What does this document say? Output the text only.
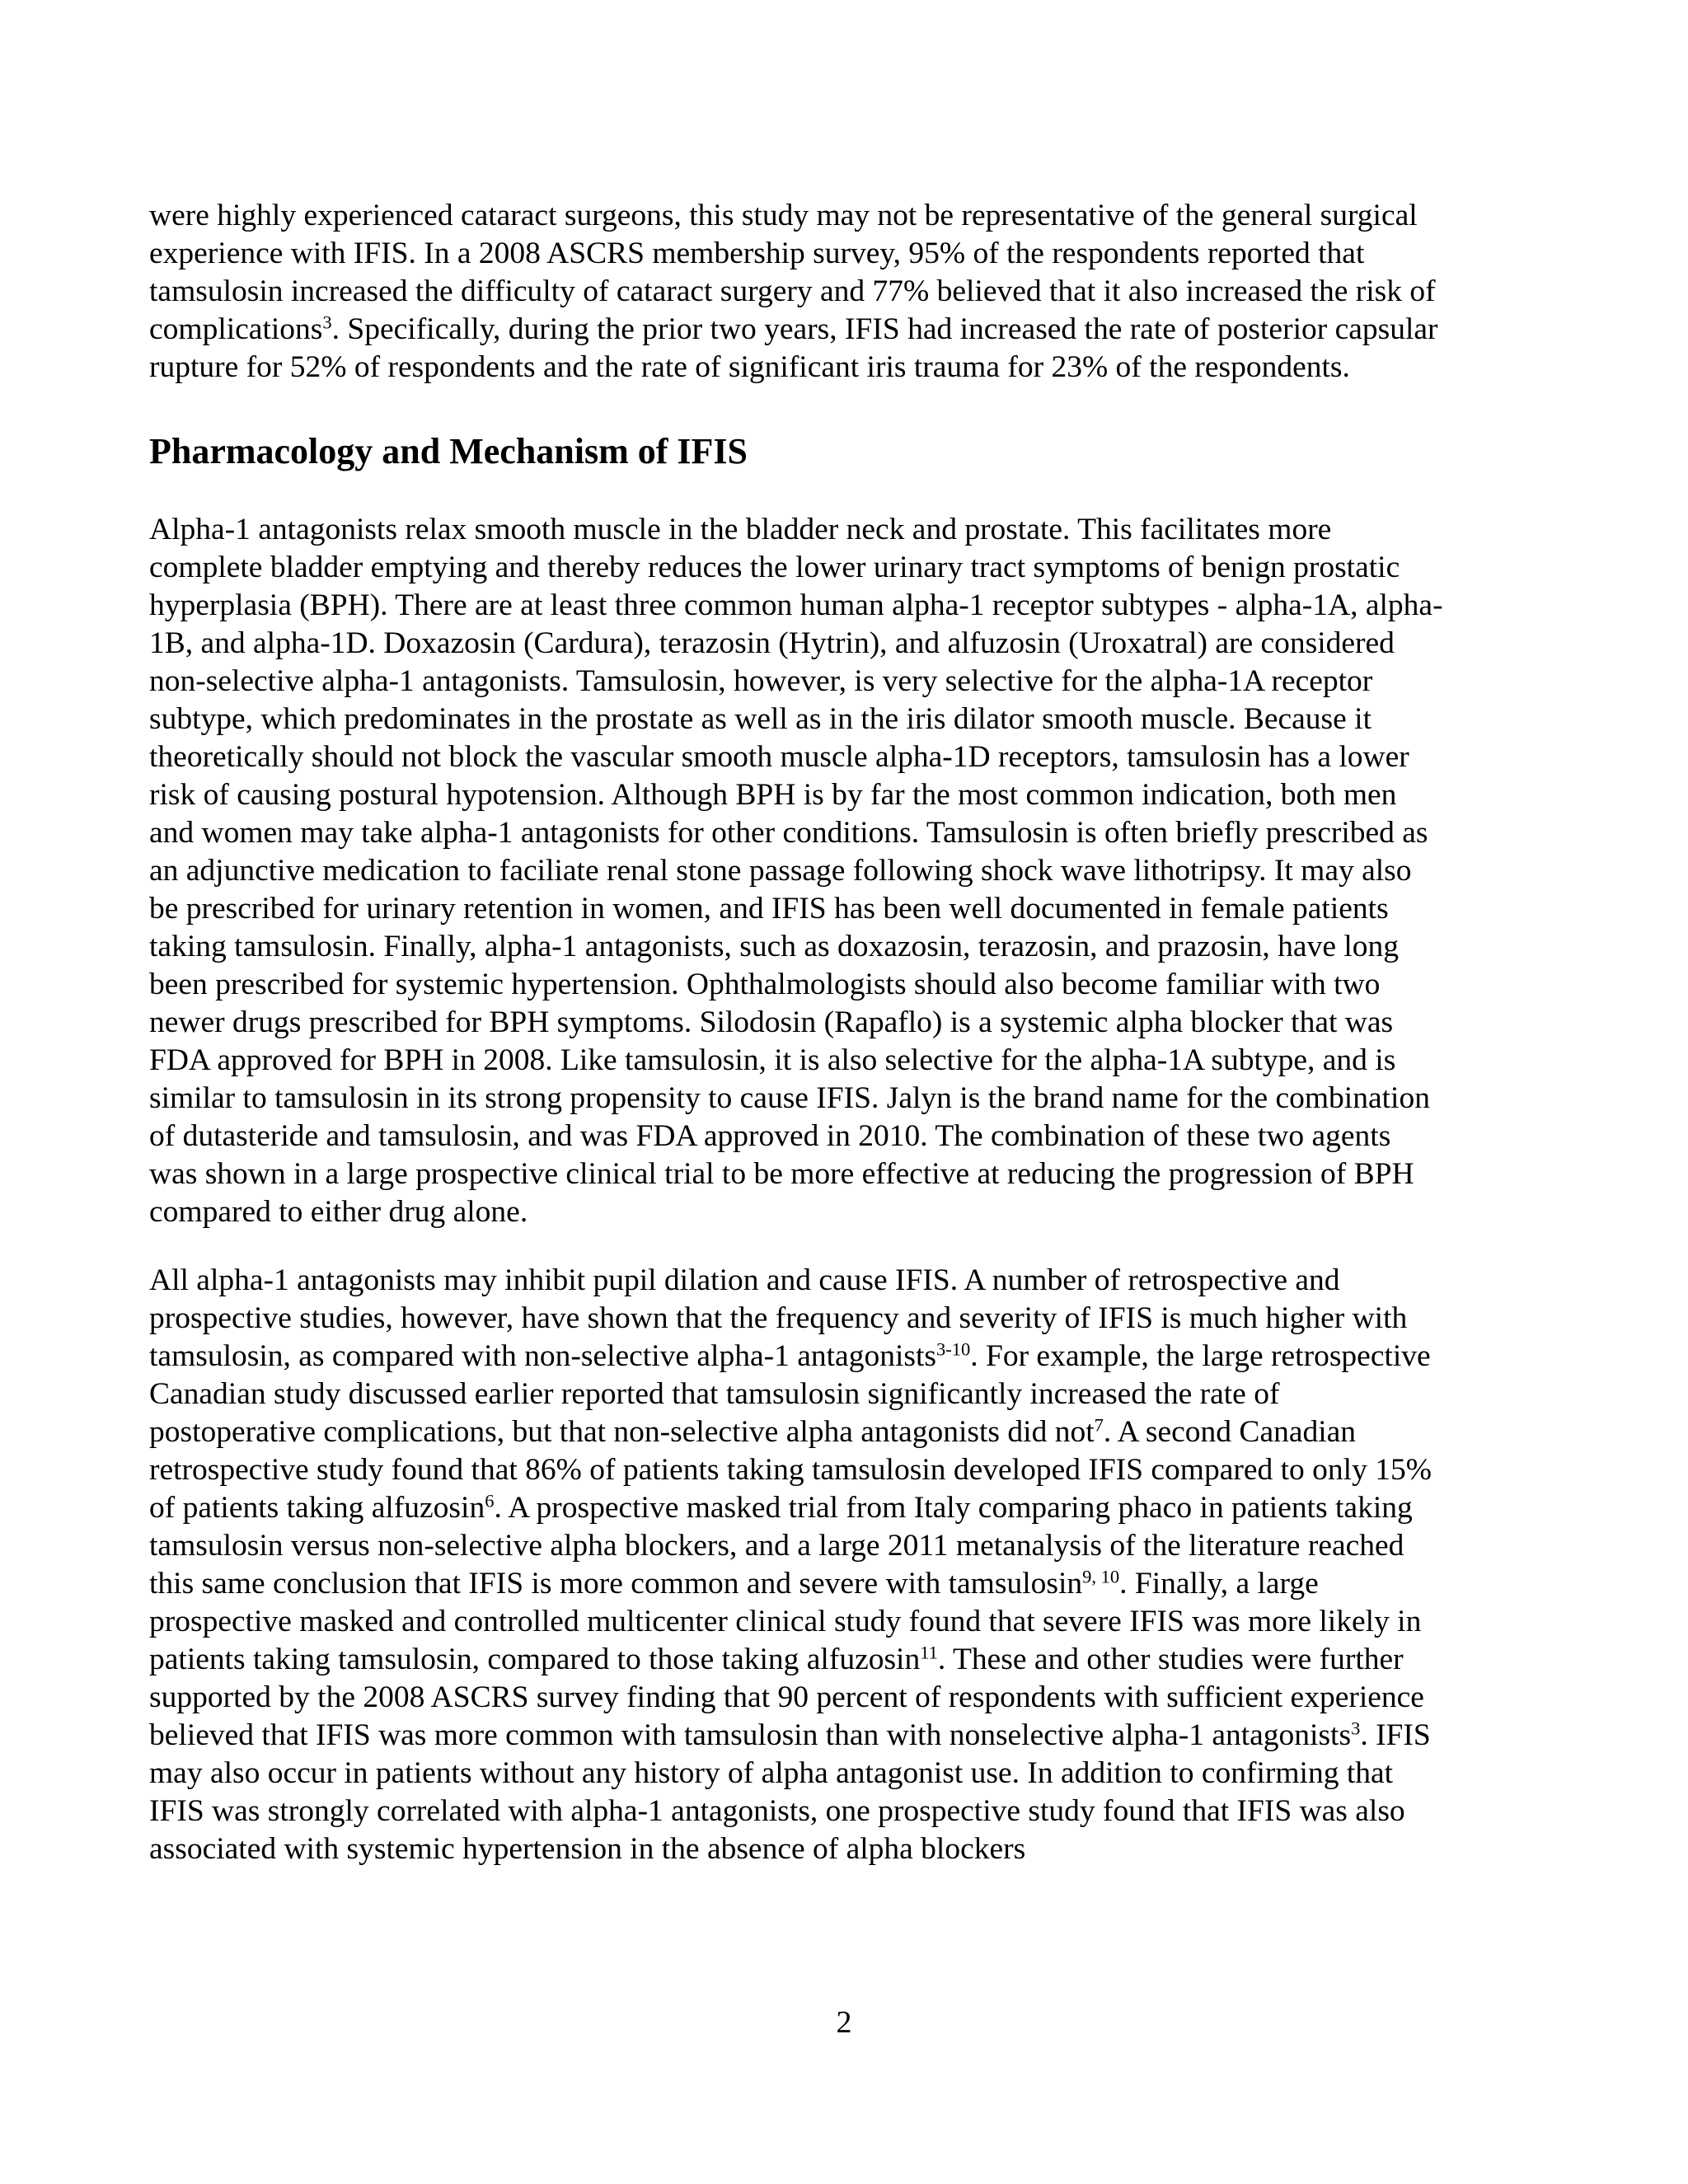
were highly experienced cataract surgeons, this study may not be representative of the general surgical
experience with IFIS. In a 2008 ASCRS membership survey, 95% of the respondents reported that
tamsulosin increased the difficulty of cataract surgery and 77% believed that it also increased the risk of
complications$^3$. Specifically, during the prior two years, IFIS had increased the rate of posterior capsular
rupture for 52% of respondents and the rate of significant iris trauma for 23% of the respondents.
Pharmacology and Mechanism of IFIS
Alpha-1 antagonists relax smooth muscle in the bladder neck and prostate. This facilitates more
complete bladder emptying and thereby reduces the lower urinary tract symptoms of benign prostatic
hyperplasia (BPH). There are at least three common human alpha-1 receptor subtypes - alpha-1A, alpha-
1B, and alpha-1D. Doxazosin (Cardura), terazosin (Hytrin), and alfuzosin (Uroxatral) are considered
non-selective alpha-1 antagonists. Tamsulosin, however, is very selective for the alpha-1A receptor
subtype, which predominates in the prostate as well as in the iris dilator smooth muscle. Because it
theoretically should not block the vascular smooth muscle alpha-1D receptors, tamsulosin has a lower
risk of causing postural hypotension. Although BPH is by far the most common indication, both men
and women may take alpha-1 antagonists for other conditions. Tamsulosin is often briefly prescribed as
an adjunctive medication to faciliate renal stone passage following shock wave lithotripsy. It may also
be prescribed for urinary retention in women, and IFIS has been well documented in female patients
taking tamsulosin. Finally, alpha-1 antagonists, such as doxazosin, terazosin, and prazosin, have long
been prescribed for systemic hypertension. Ophthalmologists should also become familiar with two
newer drugs prescribed for BPH symptoms. Silodosin (Rapaflo) is a systemic alpha blocker that was
FDA approved for BPH in 2008. Like tamsulosin, it is also selective for the alpha-1A subtype, and is
similar to tamsulosin in its strong propensity to cause IFIS. Jalyn is the brand name for the combination
of dutasteride and tamsulosin, and was FDA approved in 2010. The combination of these two agents
was shown in a large prospective clinical trial to be more effective at reducing the progression of BPH
compared to either drug alone.
All alpha-1 antagonists may inhibit pupil dilation and cause IFIS. A number of retrospective and
prospective studies, however, have shown that the frequency and severity of IFIS is much higher with
tamsulosin, as compared with non-selective alpha-1 antagonists$^{3-10}$. For example, the large retrospective
Canadian study discussed earlier reported that tamsulosin significantly increased the rate of
postoperative complications, but that non-selective alpha antagonists did not$^7$. A second Canadian
retrospective study found that 86% of patients taking tamsulosin developed IFIS compared to only 15%
of patients taking alfuzosin$^6$. A prospective masked trial from Italy comparing phaco in patients taking
tamsulosin versus non-selective alpha blockers, and a large 2011 metanalysis of the literature reached
this same conclusion that IFIS is more common and severe with tamsulosin$^{9, 10}$. Finally, a large
prospective masked and controlled multicenter clinical study found that severe IFIS was more likely in
patients taking tamsulosin, compared to those taking alfuzosin$^{11}$. These and other studies were further
supported by the 2008 ASCRS survey finding that 90 percent of respondents with sufficient experience
believed that IFIS was more common with tamsulosin than with nonselective alpha-1 antagonists$^3$. IFIS
may also occur in patients without any history of alpha antagonist use. In addition to confirming that
IFIS was strongly correlated with alpha-1 antagonists, one prospective study found that IFIS was also
associated with systemic hypertension in the absence of alpha blockers
2
